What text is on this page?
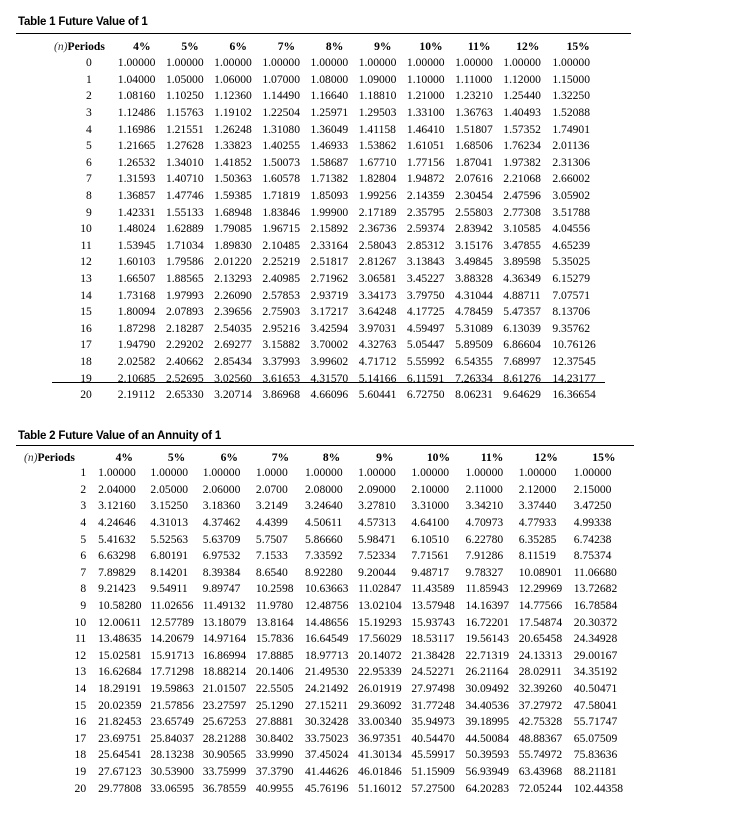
Table 1 Future Value of 1
(n)Periods	4%	5%	6%	7%	8%	9%	10%	11%	12%	15%
0	1.00000	1.00000	1.00000	1.00000	1.00000	1.00000	1.00000	1.00000	1.00000	1.00000
1	1.04000	1.05000	1.06000	1.07000	1.08000	1.09000	1.10000	1.11000	1.12000	1.15000
2	1.08160	1.10250	1.12360	1.14490	1.16640	1.18810	1.21000	1.23210	1.25440	1.32250
3	1.12486	1.15763	1.19102	1.22504	1.25971	1.29503	1.33100	1.36763	1.40493	1.52088
4	1.16986	1.21551	1.26248	1.31080	1.36049	1.41158	1.46410	1.51807	1.57352	1.74901
5	1.21665	1.27628	1.33823	1.40255	1.46933	1.53862	1.61051	1.68506	1.76234	2.01136
6	1.26532	1.34010	1.41852	1.50073	1.58687	1.67710	1.77156	1.87041	1.97382	2.31306
7	1.31593	1.40710	1.50363	1.60578	1.71382	1.82804	1.94872	2.07616	2.21068	2.66002
8	1.36857	1.47746	1.59385	1.71819	1.85093	1.99256	2.14359	2.30454	2.47596	3.05902
9	1.42331	1.55133	1.68948	1.83846	1.99900	2.17189	2.35795	2.55803	2.77308	3.51788
10	1.48024	1.62889	1.79085	1.96715	2.15892	2.36736	2.59374	2.83942	3.10585	4.04556
11	1.53945	1.71034	1.89830	2.10485	2.33164	2.58043	2.85312	3.15176	3.47855	4.65239
12	1.60103	1.79586	2.01220	2.25219	2.51817	2.81267	3.13843	3.49845	3.89598	5.35025
13	1.66507	1.88565	2.13293	2.40985	2.71962	3.06581	3.45227	3.88328	4.36349	6.15279
14	1.73168	1.97993	2.26090	2.57853	2.93719	3.34173	3.79750	4.31044	4.88711	7.07571
15	1.80094	2.07893	2.39656	2.75903	3.17217	3.64248	4.17725	4.78459	5.47357	8.13706
16	1.87298	2.18287	2.54035	2.95216	3.42594	3.97031	4.59497	5.31089	6.13039	9.35762
17	1.94790	2.29202	2.69277	3.15882	3.70002	4.32763	5.05447	5.89509	6.86604	10.76126
18	2.02582	2.40662	2.85434	3.37993	3.99602	4.71712	5.55992	6.54355	7.68997	12.37545
19	2.10685	2.52695	3.02560	3.61653	4.31570	5.14166	6.11591	7.26334	8.61276	14.23177
20	2.19112	2.65330	3.20714	3.86968	4.66096	5.60441	6.72750	8.06231	9.64629	16.36654
Table 2 Future Value of an Annuity of 1
(n)Periods	4%	5%	6%	7%	8%	9%	10%	11%	12%	15%
1	1.00000	1.00000	1.00000	1.0000	1.00000	1.00000	1.00000	1.00000	1.00000	1.00000
2	2.04000	2.05000	2.06000	2.0700	2.08000	2.09000	2.10000	2.11000	2.12000	2.15000
3	3.12160	3.15250	3.18360	3.2149	3.24640	3.27810	3.31000	3.34210	3.37440	3.47250
4	4.24646	4.31013	4.37462	4.4399	4.50611	4.57313	4.64100	4.70973	4.77933	4.99338
5	5.41632	5.52563	5.63709	5.7507	5.86660	5.98471	6.10510	6.22780	6.35285	6.74238
6	6.63298	6.80191	6.97532	7.1533	7.33592	7.52334	7.71561	7.91286	8.11519	8.75374
7	7.89829	8.14201	8.39384	8.6540	8.92280	9.20044	9.48717	9.78327	10.08901	11.06680
8	9.21423	9.54911	9.89747	10.2598	10.63663	11.02847	11.43589	11.85943	12.29969	13.72682
9	10.58280	11.02656	11.49132	11.9780	12.48756	13.02104	13.57948	14.16397	14.77566	16.78584
10	12.00611	12.57789	13.18079	13.8164	14.48656	15.19293	15.93743	16.72201	17.54874	20.30372
11	13.48635	14.20679	14.97164	15.7836	16.64549	17.56029	18.53117	19.56143	20.65458	24.34928
12	15.02581	15.91713	16.86994	17.8885	18.97713	20.14072	21.38428	22.71319	24.13313	29.00167
13	16.62684	17.71298	18.88214	20.1406	21.49530	22.95339	24.52271	26.21164	28.02911	34.35192
14	18.29191	19.59863	21.01507	22.5505	24.21492	26.01919	27.97498	30.09492	32.39260	40.50471
15	20.02359	21.57856	23.27597	25.1290	27.15211	29.36092	31.77248	34.40536	37.27972	47.58041
16	21.82453	23.65749	25.67253	27.8881	30.32428	33.00340	35.94973	39.18995	42.75328	55.71747
17	23.69751	25.84037	28.21288	30.8402	33.75023	36.97351	40.54470	44.50084	48.88367	65.07509
18	25.64541	28.13238	30.90565	33.9990	37.45024	41.30134	45.59917	50.39593	55.74972	75.83636
19	27.67123	30.53900	33.75999	37.3790	41.44626	46.01846	51.15909	56.93949	63.43968	88.21181
20	29.77808	33.06595	36.78559	40.9955	45.76196	51.16012	57.27500	64.20283	72.05244	102.44358
